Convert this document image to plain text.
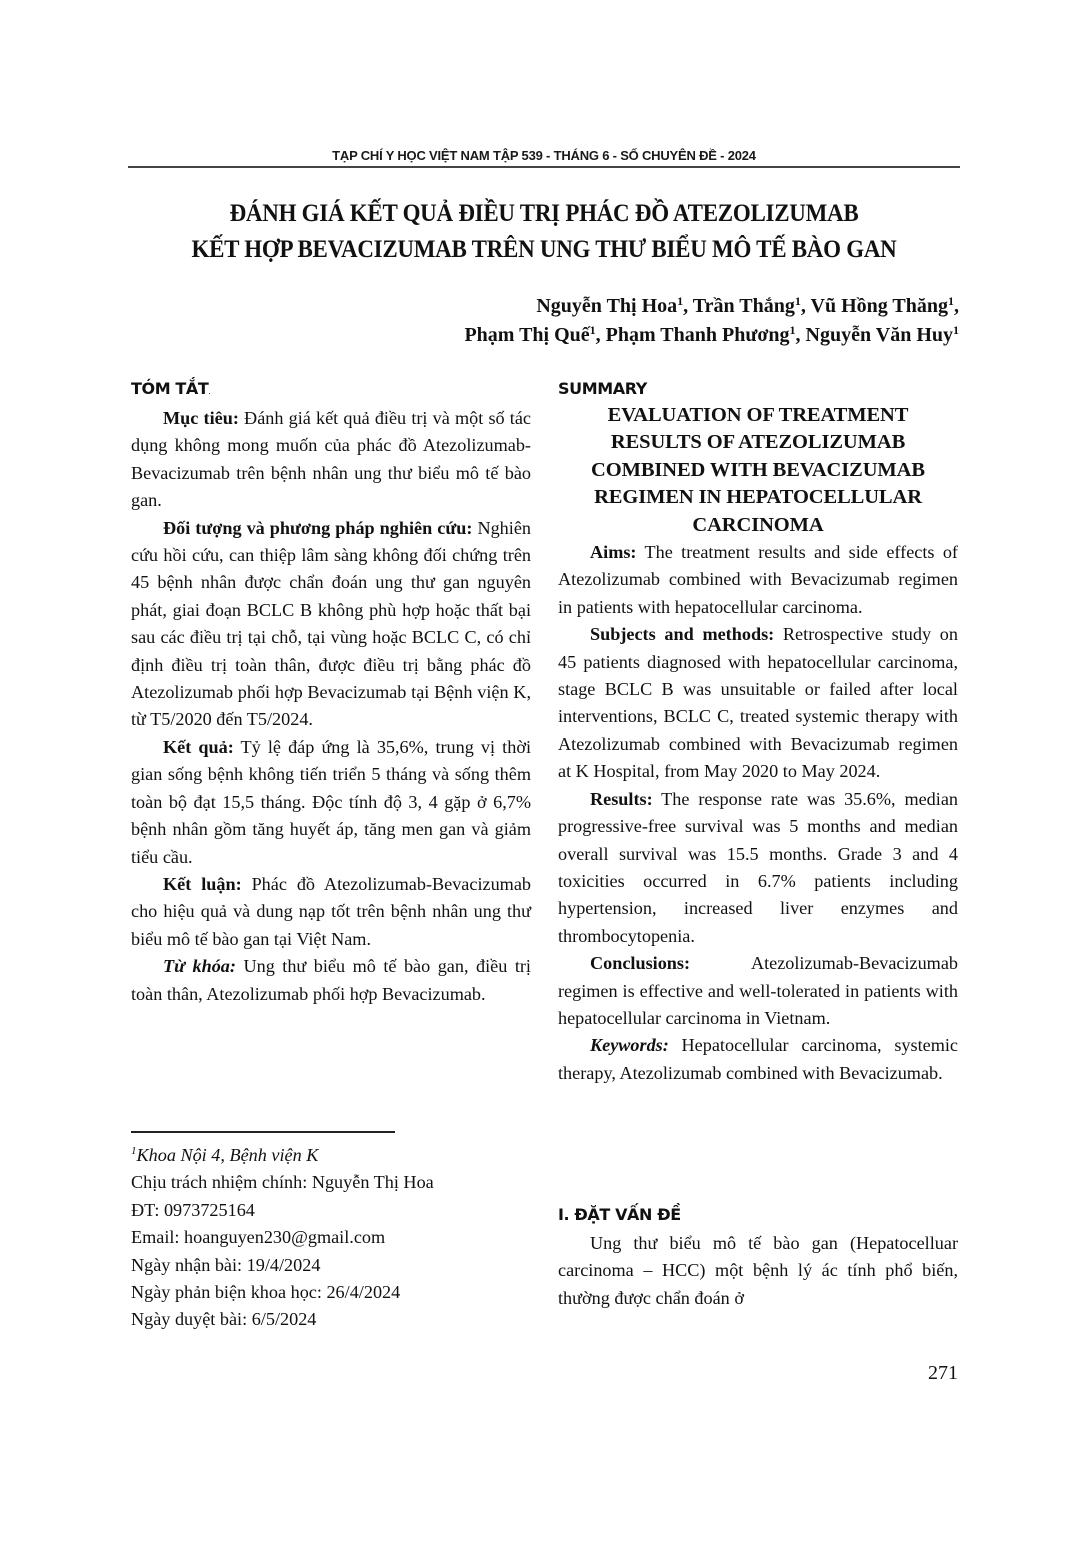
TẠP CHÍ Y HỌC VIỆT NAM TẬP 539 - THÁNG 6 - SỐ CHUYÊN ĐỀ - 2024
ĐÁNH GIÁ KẾT QUẢ ĐIỀU TRỊ PHÁC ĐỒ ATEZOLIZUMAB
KẾT HỢP BEVACIZUMAB TRÊN UNG THƯ BIỂU MÔ TẾ BÀO GAN
Nguyễn Thị Hoa$^1$, Trần Thắng$^1$, Vũ Hồng Thăng$^1$,
Phạm Thị Quế$^1$, Phạm Thanh Phương$^1$, Nguyễn Văn Huy$^1$
TÓM TẮT.

Mục tiêu: Đánh giá kết quả điều trị và một số tác dụng không mong muốn của phác đồ Atezolizumab-Bevacizumab trên bệnh nhân ung thư biểu mô tế bào gan.

Đối tượng và phương pháp nghiên cứu: Nghiên cứu hồi cứu, can thiệp lâm sàng không đối chứng trên 45 bệnh nhân được chẩn đoán ung thư gan nguyên phát, giai đoạn BCLC B không phù hợp hoặc thất bại sau các điều trị tại chỗ, tại vùng hoặc BCLC C, có chỉ định điều trị toàn thân, được điều trị bằng phác đồ Atezolizumab phối hợp Bevacizumab tại Bệnh viện K, từ T5/2020 đến T5/2024.

Kết quả: Tỷ lệ đáp ứng là 35,6%, trung vị thời gian sống bệnh không tiến triển 5 tháng và sống thêm toàn bộ đạt 15,5 tháng. Độc tính độ 3, 4 gặp ở 6,7% bệnh nhân gồm tăng huyết áp, tăng men gan và giảm tiểu cầu.

Kết luận: Phác đồ Atezolizumab-Bevacizumab cho hiệu quả và dung nạp tốt trên bệnh nhân ung thư biểu mô tế bào gan tại Việt Nam.

Từ khóa: Ung thư biểu mô tế bào gan, điều trị toàn thân, Atezolizumab phối hợp Bevacizumab.

$^1$Khoa Nội 4, Bệnh viện K
Chịu trách nhiệm chính: Nguyễn Thị Hoa
ĐT: 0973725164
Email: hoanguyen230@gmail.com
Ngày nhận bài: 19/4/2024
Ngày phản biện khoa học: 26/4/2024
Ngày duyệt bài: 6/5/2024
SUMMARY

EVALUATION OF TREATMENT

RESULTS OF ATEZOLIZUMAB

COMBINED WITH BEVACIZUMAB

REGIMEN IN HEPATOCELLULAR

CARCINOMA

Aims: The treatment results and side effects of Atezolizumab combined with Bevacizumab regimen in patients with hepatocellular carcinoma.

Subjects and methods: Retrospective study on 45 patients diagnosed with hepatocellular carcinoma, stage BCLC B was unsuitable or failed after local interventions, BCLC C, treated systemic therapy with Atezolizumab combined with Bevacizumab regimen at K Hospital, from May 2020 to May 2024.

Results: The response rate was 35.6%, median progressive-free survival was 5 months and median overall survival was 15.5 months. Grade 3 and 4 toxicities occurred in 6.7% patients including hypertension, increased liver enzymes and thrombocytopenia.

Conclusions: Atezolizumab-Bevacizumab regimen is effective and well-tolerated in patients with hepatocellular carcinoma in Vietnam.

Keywords: Hepatocellular carcinoma, systemic therapy, Atezolizumab combined with Bevacizumab.

I. ĐẶT VẤN ĐỀ

Ung thư biểu mô tế bào gan (Hepatocelluar carcinoma – HCC) một bệnh lý ác tính phổ biến, thường được chẩn đoán ở

271
